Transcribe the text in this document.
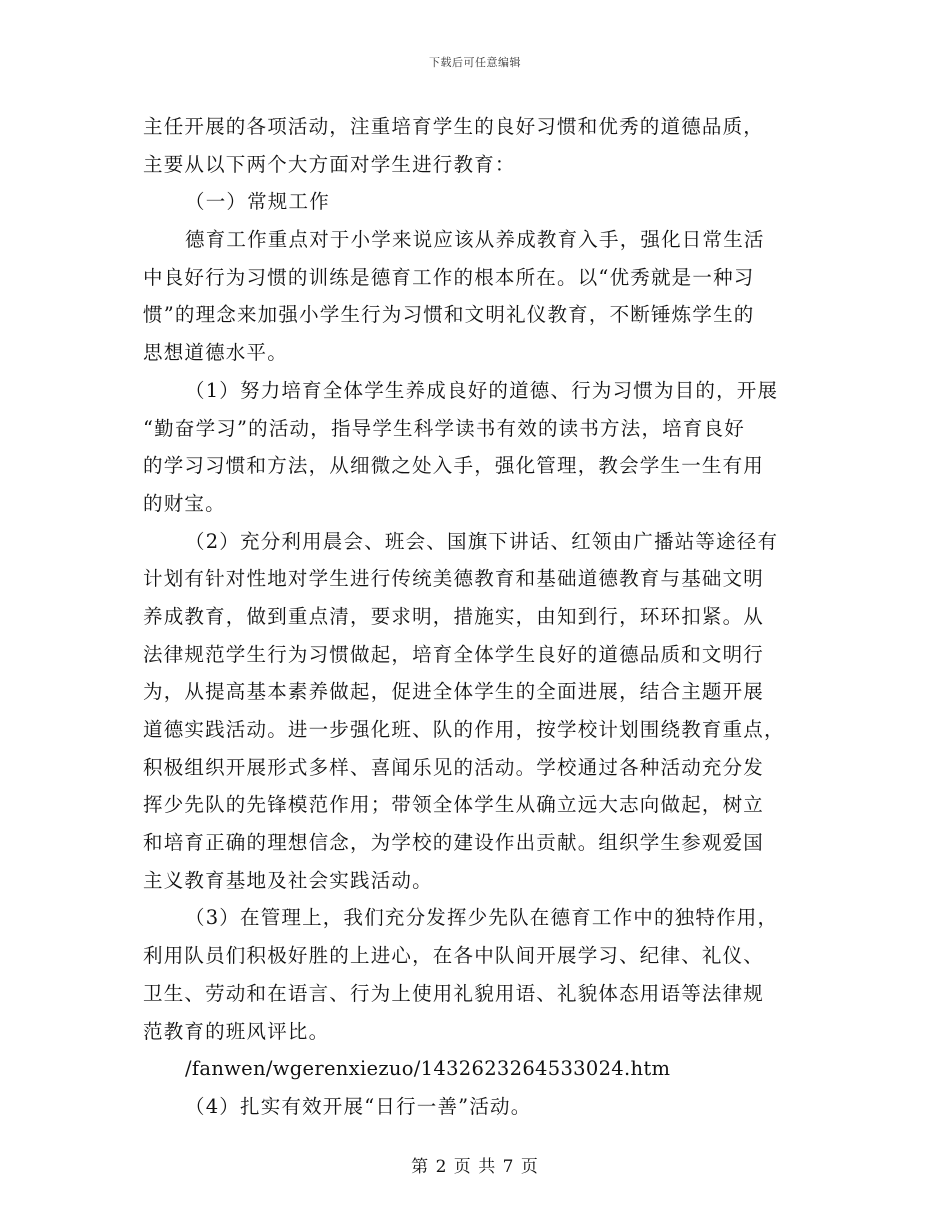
下载后可任意编辑
主任开展的各项活动，注重培育学生的良好习惯和优秀的道德品质，
主要从以下两个大方面对学生进行教育：
（一）常规工作
德育工作重点对于小学来说应该从养成教育入手，强化日常生活
中良好行为习惯的训练是德育工作的根本所在。以“优秀就是一种习
惯”的理念来加强小学生行为习惯和文明礼仪教育，不断锤炼学生的
思想道德水平。
（1）努力培育全体学生养成良好的道德、行为习惯为目的，开展
“勤奋学习”的活动，指导学生科学读书有效的读书方法，培育良好
的学习习惯和方法，从细微之处入手，强化管理，教会学生一生有用
的财宝。
（2）充分利用晨会、班会、国旗下讲话、红领由广播站等途径有
计划有针对性地对学生进行传统美德教育和基础道德教育与基础文明
养成教育，做到重点清，要求明，措施实，由知到行，环环扣紧。从
法律规范学生行为习惯做起，培育全体学生良好的道德品质和文明行
为，从提高基本素养做起，促进全体学生的全面进展，结合主题开展
道德实践活动。进一步强化班、队的作用，按学校计划围绕教育重点，
积极组织开展形式多样、喜闻乐见的活动。学校通过各种活动充分发
挥少先队的先锋模范作用；带领全体学生从确立远大志向做起，树立
和培育正确的理想信念，为学校的建设作出贡献。组织学生参观爱国
主义教育基地及社会实践活动。
（3）在管理上，我们充分发挥少先队在德育工作中的独特作用，
利用队员们积极好胜的上进心，在各中队间开展学习、纪律、礼仪、
卫生、劳动和在语言、行为上使用礼貌用语、礼貌体态用语等法律规
范教育的班风评比。
/fanwen/wgerenxiezuo/1432623264533024.htm
（4）扎实有效开展“日行一善”活动。
第 2 页 共 7 页
